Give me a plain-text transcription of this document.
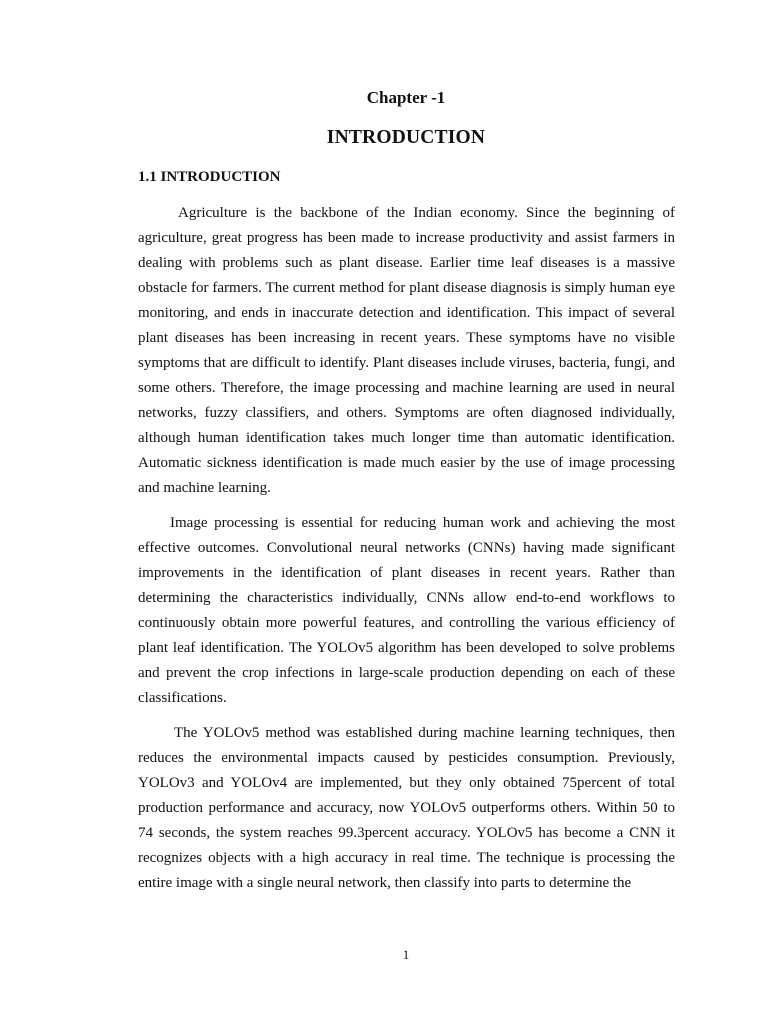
Chapter -1
INTRODUCTION
1.1 INTRODUCTION

Agriculture is the backbone of the Indian economy. Since the beginning of agriculture, great progress has been made to increase productivity and assist farmers in dealing with problems such as plant disease. Earlier time leaf diseases is a massive obstacle for farmers. The current method for plant disease diagnosis is simply human eye monitoring, and ends in inaccurate detection and identification. This impact of several plant diseases has been increasing in recent years. These symptoms have no visible symptoms that are difficult to identify. Plant diseases include viruses, bacteria, fungi, and some others. Therefore, the image processing and machine learning are used in neural networks, fuzzy classifiers, and others. Symptoms are often diagnosed individually, although human identification takes much longer time than automatic identification. Automatic sickness identification is made much easier by the use of image processing and machine learning.

Image processing is essential for reducing human work and achieving the most effective outcomes. Convolutional neural networks (CNNs) having made significant improvements in the identification of plant diseases in recent years. Rather than determining the characteristics individually, CNNs allow end-to-end workflows to continuously obtain more powerful features, and controlling the various efficiency of plant leaf identification. The YOLOv5 algorithm has been developed to solve problems and prevent the crop infections in large-scale production depending on each of these classifications.

The YOLOv5 method was established during machine learning techniques, then reduces the environmental impacts caused by pesticides consumption. Previously, YOLOv3 and YOLOv4 are implemented, but they only obtained 75percent of total production performance and accuracy, now YOLOv5 outperforms others. Within 50 to 74 seconds, the system reaches 99.3percent accuracy. YOLOv5 has become a CNN it recognizes objects with a high accuracy in real time. The technique is processing the entire image with a single neural network, then classify into parts to determine the

1
